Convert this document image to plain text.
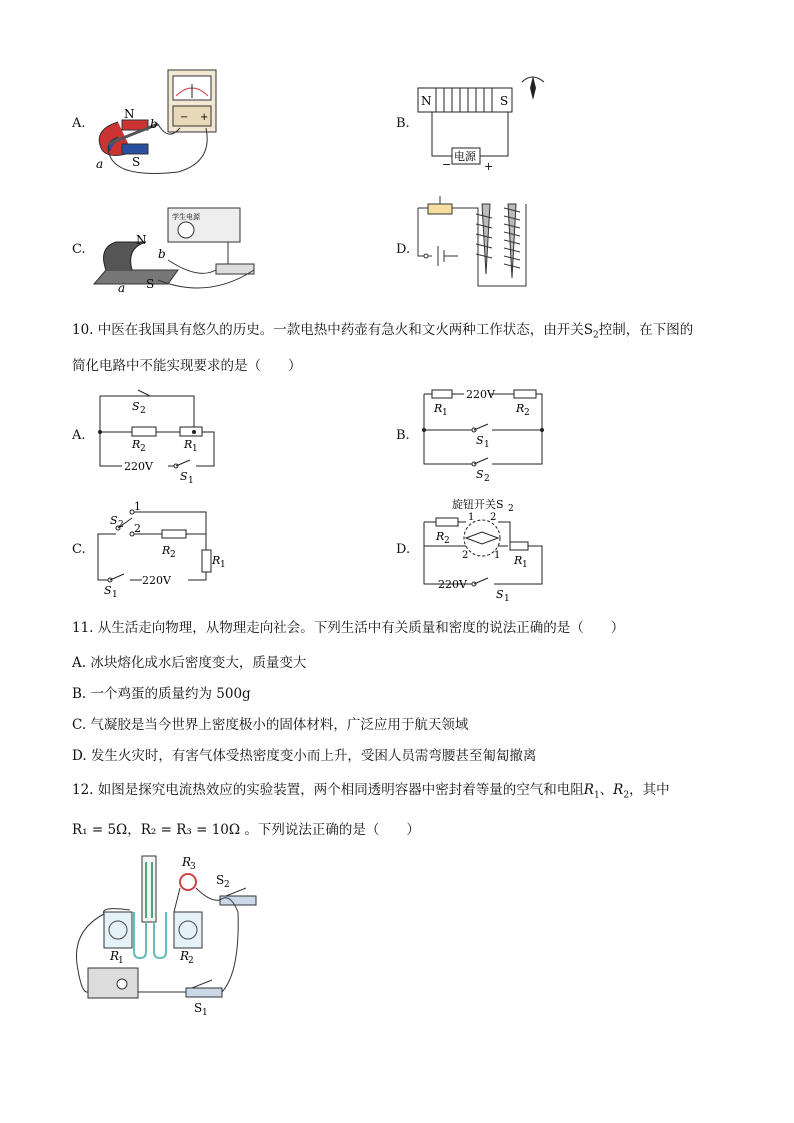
A.	− +
N
S
a
b	B.
N	S
电源
−	+
C.
学生电源
N
S
a
b	D.
10. 中医在我国具有悠久的历史。一款电热中药壶有急火和文火两种工作状态，由开关$S_2$控制，在下图的
简化电路中不能实现要求的是（　　）
A.
S 2
R 2	R 1
220V
S 1
B.
R 1
220V
R 2
S 1
S 2
C.
1
2
S 2
R 2	R 1
220V
S 1
D.
旋钮开关S 2
R 2
R 1
1 2
2	1
220V
S 1
11. 从生活走向物理，从物理走向社会。下列生活中有关质量和密度的说法正确的是（　　）
A. 冰块熔化成水后密度变大，质量变大
B. 一个鸡蛋的质量约为 500g
C. 气凝胶是当今世界上密度极小的固体材料，广泛应用于航天领域
D. 发生火灾时，有害气体受热密度变小而上升，受困人员需弯腰甚至匍匐撤离
12. 如图是探究电流热效应的实验装置，两个相同透明容器中密封着等量的空气和电阻$R_1$、$R_2$，其中
R₁ = 5Ω，R₂ = R₃ = 10Ω 。下列说法正确的是（　　）
R
3
S 2
R
1	R
2
S 1
